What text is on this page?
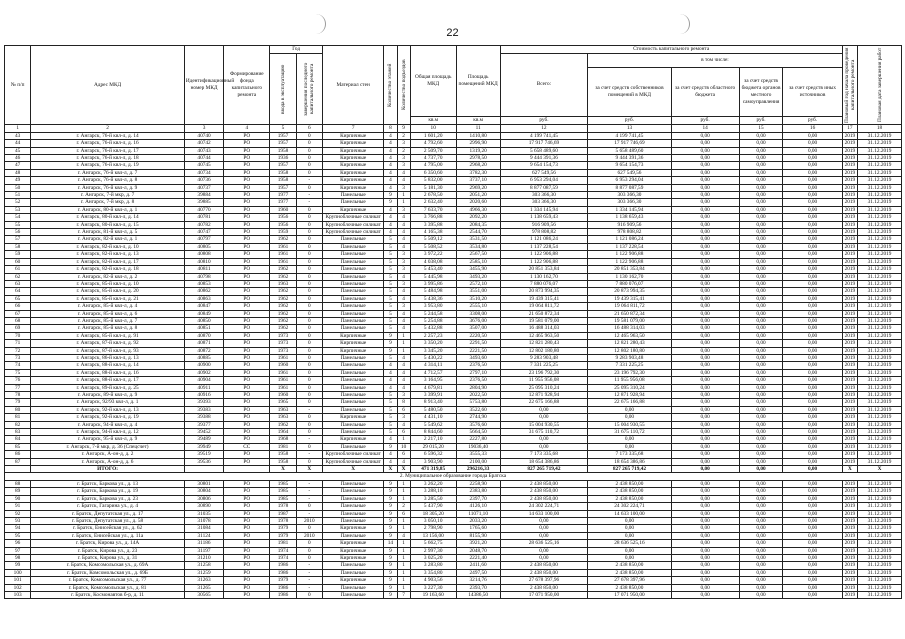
22
№ п/п	Адрес МКД	Идентификационный номер МКД	Формирование фонда капитального ремонта	Год		Материал стен	Количество этажей	Количество подъездов	Общая площадь МКД	Площадь помещений МКД	Стоимость капитального ремонта					Плановый год начала проведения капитального ремонта	Плановая дата завершения работ

				ввода в эксплуатацию	завершения последнего капитального ремонта						Всего:	в том числе:					
												за счет средств собственников помещений в МКД	за счет средств областного бюджета	за счет средств бюджета органов местного самоуправления	за счет средств иных источников		
									кв.м	кв.м	руб.	руб.	руб.	руб.	руб.		
1	2	3	4	5	6	7	8	9	10	11	12	13	14	15	16	17	18
43	г. Ангарск, 76-й квл-л, д. 14	40740	РО	1957	0	Кирпичные	4	2	1 601,20	1410,80	4 199 741,45	4 199 741,45	0,00	0,00	0,00	2019	31.12.2019
44	г. Ангарск, 76-й квл-л, д. 16	40742	РО	1957	0	Кирпичные	4	3	4 792,60	2996,90	17 917 746,69	17 917 746,69	0,00	0,00	0,00	2019	31.12.2019
45	г. Ангарск, 76-й квл-л, д. 17	40743	РО	1958	0	Кирпичные	4	2	2 509,70	1319,20	5 658 489,60	5 658 489,60	0,00	0,00	0,00	2019	31.12.2019
46	г. Ангарск, 76-й квл-л, д. 18	40744	РО	1936	0	Кирпичные	4	3	4 737,70	2978,50	9 444 391,36	9 444 391,36	0,00	0,00	0,00	2019	31.12.2019
47	г. Ангарск, 76-й квл-л, д. 19	40745	РО	1957	0	Кирпичные	4	3	4 795,00	2968,20	9 654 154,73	9 654 154,73	0,00	0,00	0,00	2019	31.12.2019
48	г. Ангарск, 76-й квл-л, д. 7	40734	РО	1958	0	Кирпичные	4	4	6 350,60	3782,30	627 549,56	627 549,56	0,00	0,00	0,00	2019	31.12.2019
49	г. Ангарск, 76-й квл-л, д. 8	40736	РО	1958	-	Кирпичные	4	4	5 832,00	3737,10	6 953 294,04	6 953 294,04	0,00	0,00	0,00	2019	31.12.2019
50	г. Ангарск, 76-й квл-л, д. 9	40737	РО	1957	0	Кирпичные	4	3	5 181,30	2969,20	8 877 087,59	8 877 087,59	0,00	0,00	0,00	2019	31.12.2019
51	г. Ангарск, 7-й мкр, д. 7	39884	РО	1977	-	Панельные	9	1	2 678,50	2051,20	303 366,30	303 366,30	0,00	0,00	0,00	2019	31.12.2019
52	г. Ангарск, 7-й мкр, д. 8	39885	РО	1977	-	Панельные	9	1	2 632,40	2020,60	303 366,30	303 366,30	0,00	0,00	0,00	2019	31.12.2019
53	г. Ангарск, 80-й квл-л, д. 1	40770	РО	1960	0	Кирпичные	4	3	7 633,70	4966,30	1 334 145,94	1 334 145,94	0,00	0,00	0,00	2019	31.12.2019
54	г. Ангарск, 80-й квл-л, д. 14	40781	РО	1956	0	Крупноблочные силикат	4	4	3 766,88	2092,20	1 138 659,43	1 138 659,43	0,00	0,00	0,00	2019	31.12.2019
55	г. Ангарск, 80-й квл-л, д. 15	40782	РО	1956	0	Крупноблочные силикат	4	4	3 395,88	2084,35	916 909,56	916 909,56	0,00	0,00	0,00	2019	31.12.2019
56	г. Ангарск, 81-й квл-л, д. 5	40747	РО	1959	0	Крупноблочные силикат	4	4	4 165,38	2544,70	978 808,82	978 808,82	0,00	0,00	0,00	2019	31.12.2019
57	г. Ангарск, 82-й квл-л, д. 1	40797	РО	1962	0	Панельные	5	4	5 509,12	3531,50	1 121 086,24	1 121 086,24	0,00	0,00	0,00	2019	31.12.2019
58	г. Ангарск, 82-й квл-л, д. 10	40805	РО	1961	0	Панельные	5	4	5 508,52	3534,80	1 137 228,54	1 137 228,54	0,00	0,00	0,00	2019	31.12.2019
59	г. Ангарск, 82-й квл-л, д. 13	40808	РО	1961	0	Панельные	5	3	3 972,22	2567,50	1 122 906,88	1 122 906,88	0,00	0,00	0,00	2019	31.12.2019
60	г. Ангарск, 82-й квл-л, д. 17	40810	РО	1961	0	Панельные	5	3	4 038,08	2585,10	1 122 906,88	1 122 906,88	0,00	0,00	0,00	2019	31.12.2019
61	г. Ангарск, 82-й квл-л, д. 18	40811	РО	1962	0	Панельные	5	3	5 453,40	3455,90	20 851 353,84	20 851 353,84	0,00	0,00	0,00	2019	31.12.2019
62	г. Ангарск, 82-й квл-л, д. 2	40798	РО	1962	0	Панельные	5	4	5 445,98	3493,20	1 130 162,70	1 130 162,70	0,00	0,00	0,00	2019	31.12.2019
63	г. Ангарск, 85-й квл-л, д. 10	40853	РО	1963	0	Панельные	5	3	3 995,86	2572,10	7 880 076,07	7 880 076,07	0,00	0,00	0,00	2019	31.12.2019
64	г. Ангарск, 85-й квл-л, д. 20	40862	РО	1962	0	Панельные	5	4	5 484,98	3551,00	20 873 994,35	20 873 994,35	0,00	0,00	0,00	2019	31.12.2019
65	г. Ангарск, 85-й квл-л, д. 21	40863	РО	1962	0	Панельные	5	4	5 438,36	3510,20	19 439 315,41	19 439 315,41	0,00	0,00	0,00	2019	31.12.2019
66	г. Ангарск, 85-й квл-л, д. 4	40847	РО	1962	0	Панельные	5	3	3 953,80	2555,10	19 064 811,72	19 064 811,72	0,00	0,00	0,00	2019	31.12.2019
67	г. Ангарск, 85-й квл-л, д. 6	40849	РО	1962	0	Панельные	5	4	5 244,58	3308,00	21 650 872,34	21 650 872,34	0,00	0,00	0,00	2019	31.12.2019
68	г. Ангарск, 85-й квл-л, д. 7	40850	РО	1962	0	Панельные	5	4	5 254,88	3676,00	19 581 079,00	19 581 079,00	0,00	0,00	0,00	2019	31.12.2019
69	г. Ангарск, 85-й квл-л, д. 8	40851	РО	1962	0	Панельные	5	4	5 432,88	3507,00	16 488 314,03	16 488 314,03	0,00	0,00	0,00	2019	31.12.2019
70	г. Ангарск, 85-й квл-л, д. 91	40870	РО	1973	0	Кирпичные	9	1	2 257,23	2220,50	12 465 963,50	12 465 963,50	0,00	0,00	0,00	2019	31.12.2019
71	г. Ангарск, 87-й квл-л, д. 92	40871	РО	1973	0	Кирпичные	9	1	3 350,20	2291,50	12 821 280,43	12 821 280,43	0,00	0,00	0,00	2019	31.12.2019
72	г. Ангарск, 87-й квл-л, д. 93	40872	РО	1973	0	Кирпичные	9	1	3 345,20	2221,50	12 802 180,80	12 802 180,80	0,00	0,00	0,00	2019	31.12.2019
73	г. Ангарск, 86-й квл-л, д. 13	40885	РО	1961	0	Панельные	5	4	5 430,22	3493,60	9 283 903,48	9 283 903,48	0,00	0,00	0,00	2019	31.12.2019
74	г. Ангарск, 88-й квл-л, д. 14	40900	РО	1960	0	Панельные	4	4	4 314,11	2376,50	7 331 225,25	7 331 225,25	0,00	0,00	0,00	2019	31.12.2019
75	г. Ангарск, 88-й квл-л, д. 16	40902	РО	1961	0	Панельные	4	4	4 712,57	2797,10	23 196 792,30	23 196 792,30	0,00	0,00	0,00	2019	31.12.2019
76	г. Ангарск, 88-й квл-л, д. 17	40904	РО	1961	0	Панельные	4	4	3 164,95	2376,50	11 955 956,08	11 955 956,08	0,00	0,00	0,00	2019	31.12.2019
77	г. Ангарск, 89-й квл-л, д. 25	40911	РО	1961	0	Панельные	4	4	4 679,81	2804,90	25 095 310,24	25 095 310,24	0,00	0,00	0,00	2019	31.12.2019
78	г. Ангарск, 89-й квл-л, д. 9	40916	РО	1960	0	Панельные	5	3	3 399,91	2022,50	12 871 928,94	12 871 928,94	0,00	0,00	0,00	2019	31.12.2019
79	г. Ангарск, 92/93 квл-л, д. 1	39393	РО	1965	0	Панельные	5	8	8 913,40	5753,80	22 675 166,88	22 675 166,88	0,00	0,00	0,00	2019	31.12.2019
80	г. Ангарск, 92-й квл-л, д. 13	39383	РО	1963	-	Панельные	5	6	5 480,50	3522,60	0,00	0,00	0,00	0,00	0,00	2019	31.12.2019
81	г. Ангарск, 92-й квл-л, д. 19	39388	РО	1963	0	Кирпичные	5	3	4 431,10	2744,90	0,00	0,00	0,00	0,00	0,00	2019	31.12.2019
82	г. Ангарск, 94-й квл-л, д. 4	39377	РО	1962	0	Панельные	5	4	5 549,62	3576,60	15 004 930,55	15 004 930,55	0,00	0,00	0,00	2019	31.12.2019
83	г. Ангарск, 94-й квл-л, д. 12	39452	РО	1964	0	Панельные	5	6	8 844,60	5664,50	31 675 110,72	31 675 110,72	0,00	0,00	0,00	2019	31.12.2019
84	г. Ангарск, 95-й квл-л, д. 9	39489	РО	1968	-	Кирпичные	4	1	2 217,10	2227,80	0,00	0,00	0,00	0,00	0,00	2019	31.12.2019
85	г. Ангарск, 7-й мкр, д. 36 (Спецсчет)	39949	СС	1981	0	Панельные	9	10	29 015,20	19036,40	0,00	0,00	0,00	0,00	0,00	2019	31.12.2019
86	г. Ангарск, А-он-д, д. 2	39519	РО	1958	-	Крупноблочные силикат	4	6	6 596,32	3555,33	7 173 335,68	7 173 335,68	0,00	0,00	0,00	2019	31.12.2019
87	г. Ангарск, А-он-д, д. 6	39536	РО	1958	0	Крупноблочные силикат	4	4	3 903,90	2100,00	18 654 386,86	18 654 386,86	0,00	0,00	0,00	2019	31.12.2019
	ИТОГО:			X	X	X	X	X	471 319,85	296216,33	827 265 719,42	827 265 719,42	0,00	0,00	0,00	X	X
2. Муниципальное образование города Братска																	
88	г. Братск, Баркова ул., д. 13	30801	РО	1985	-	Панельные	9	1	3 262,20	2258,90	2 438 850,00	2 438 850,00	0,00	0,00	0,00	2019	31.12.2019
89	г. Братск, Баркова ул., д. 19	30804	РО	1985	-	Панельные	9	1	3 288,10	2383,80	2 438 850,00	2 438 850,00	0,00	0,00	0,00	2019	31.12.2019
90	г. Братск, Баркова ул., д. 23	30806	РО	1985	-	Панельные	9	1	3 285,50	2397,70	2 438 850,00	2 438 850,00	0,00	0,00	0,00	2019	31.12.2019
91	г. Братск, Гагарина ул., д. 4	30890	РО	1978	0	Панельные	9	2	5 437,90	4126,10	24 302 224,71	24 302 224,71	0,00	0,00	0,00	2019	31.12.2019
92	г. Братск, Депутатская ул., д. 17	31035	РО	1987	-	Панельные	9	6	18 305,20	11071,10	14 633 100,00	14 633 100,00	0,00	0,00	0,00	2019	31.12.2019
93	г. Братск, Депутатская ул., д. 58	31078	РО	1978	2010	Панельные	9	1	3 050,10	2033,20	0,00	0,00	0,00	0,00	0,00	2019	31.12.2019
94	г. Братск, Енисейская ул., д. 62	31084	РО	1979	0	Кирпичные	9	1	2 798,90	1765,60	0,00	0,00	0,00	0,00	0,00	2019	31.12.2019
95	г. Братск, Енисейская ул., д. 11а	31124	РО	1979	2010	Панельные	9	4	13 156,00	8155,90	0,00	0,00	0,00	0,00	0,00	2019	31.12.2019
96	г. Братск, Кирова ул., д. 14А	31186	РО	1981	0	Кирпичные	14	1	5 662,75	3921,20	28 636 525,16	28 636 525,16	0,00	0,00	0,00	2019	31.12.2019
97	г. Братск, Кирова ул., д. 23	31197	РО	1974	0	Кирпичные	9	1	2 997,30	2048,70	0,00	0,00	0,00	0,00	0,00	2019	31.12.2019
98	г. Братск, Кирова ул., д. 31	31210	РО	1974	0	Кирпичные	9	1	3 025,20	2221,40	0,00	0,00	0,00	0,00	0,00	2019	31.12.2019
99	г. Братск, Комсомольская ул., д. 69А	31258	РО	1986	-	Панельные	9	1	3 283,80	2411,60	2 438 850,00	2 438 850,00	0,00	0,00	0,00	2019	31.12.2019
100	г. Братск, Комсомольская ул., д. 69Б	31259	РО	1986	-	Панельные	9	1	3 354,80	2497,50	2 438 850,00	2 438 850,00	0,00	0,00	0,00	2019	31.12.2019
101	г. Братск, Комсомольская ул., д. 77	31263	РО	1979	-	Кирпичные	9	1	4 903,56	3214,76	27 678 397,96	27 678 397,96	0,00	0,00	0,00	2019	31.12.2019
102	г. Братск, Комсомольская ул., д. 81	31265	РО	1986	-	Панельные	9	1	3 227,30	2393,70	2 438 850,00	2 438 850,00	0,00	0,00	0,00	2019	31.12.2019
103	г. Братск, Космонавтов б-р, д. 11	30565	РО	1986	0	Панельные	9	7	19 163,60	14386,50	17 071 950,00	17 071 950,00	0,00	0,00	0,00	2019	31.12.2019
